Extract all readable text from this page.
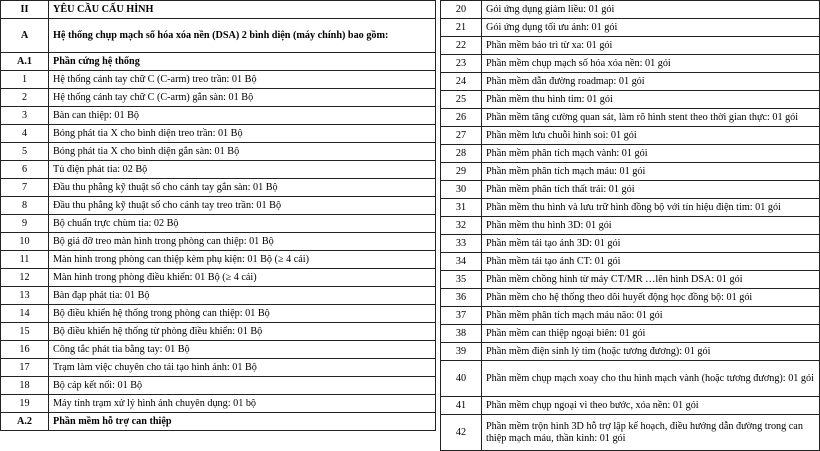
II	YÊU CẦU CẤU HÌNH
A	Hệ thống chụp mạch số hóa xóa nền (DSA) 2 bình diện (máy chính) bao gồm:
A.1	Phần cứng hệ thống
1	Hệ thống cánh tay chữ C (C-arm) treo trần: 01 Bộ
2	Hệ thống cánh tay chữ C (C-arm) gắn sàn: 01 Bộ
3	Bàn can thiệp: 01 Bộ
4	Bóng phát tia X cho bình diện treo trần: 01 Bộ
5	Bóng phát tia X cho bình diện gắn sàn: 01 Bộ
6	Tủ điện phát tia: 02 Bộ
7	Đầu thu phẳng kỹ thuật số cho cánh tay gắn sàn: 01 Bộ
8	Đầu thu phẳng kỹ thuật số cho cánh tay treo trần: 01 Bộ
9	Bộ chuẩn trực chùm tia: 02 Bộ
10	Bộ giá đỡ treo màn hình trong phòng can thiệp: 01 Bộ
11	Màn hình trong phòng can thiệp kèm phụ kiện: 01 Bộ (≥ 4 cái)
12	Màn hình trong phòng điều khiển: 01 Bộ (≥ 4 cái)
13	Bàn đạp phát tia: 01 Bộ
14	Bộ điều khiển hệ thống trong phòng can thiệp: 01 Bộ
15	Bộ điều khiển hệ thống từ phòng điều khiển: 01 Bộ
16	Công tắc phát tia bằng tay: 01 Bộ
17	Trạm làm việc chuyên cho tái tạo hình ảnh: 01 Bộ
18	Bộ cáp kết nối: 01 Bộ
19	Máy tính trạm xử lý hình ảnh chuyên dụng: 01 bộ
A.2	Phần mềm hỗ trợ can thiệp
20	Gói ứng dụng giảm liều: 01 gói
21	Gói ứng dụng tối ưu ảnh: 01 gói
22	Phần mềm bảo trì từ xa: 01 gói
23	Phần mềm chụp mạch số hóa xóa nền: 01 gói
24	Phần mềm dẫn đường roadmap: 01 gói
25	Phần mềm thu hình tim: 01 gói
26	Phần mềm tăng cường quan sát, làm rõ hình stent theo thời gian thực: 01 gói
27	Phần mềm lưu chuỗi hình soi: 01 gói
28	Phần mềm phân tích mạch vành: 01 gói
29	Phần mềm phân tích mạch máu: 01 gói
30	Phần mềm phân tích thất trái: 01 gói
31	Phần mềm thu hình và lưu trữ hình đồng bộ với tín hiệu điện tim: 01 gói
32	Phần mềm thu hình 3D: 01 gói
33	Phần mềm tái tạo ảnh 3D: 01 gói
34	Phần mềm tái tạo ảnh CT: 01 gói
35	Phần mềm chồng hình từ máy CT/MR …lên hình DSA: 01 gói
36	Phần mềm cho hệ thống theo dõi huyết động học đồng bộ: 01 gói
37	Phần mềm phân tích mạch máu não: 01 gói
38	Phần mềm can thiệp ngoại biên: 01 gói
39	Phần mềm điện sinh lý tim (hoặc tương đương): 01 gói
40	Phần mềm chụp mạch xoay cho thu hình mạch vành (hoặc tương đương): 01 gói
41	Phần mềm chụp ngoại vi theo bước, xóa nền: 01 gói
42	Phần mềm trộn hình 3D hỗ trợ lập kế hoạch, điều hướng dẫn đường trong can thiệp mạch máu, thần kinh: 01 gói
